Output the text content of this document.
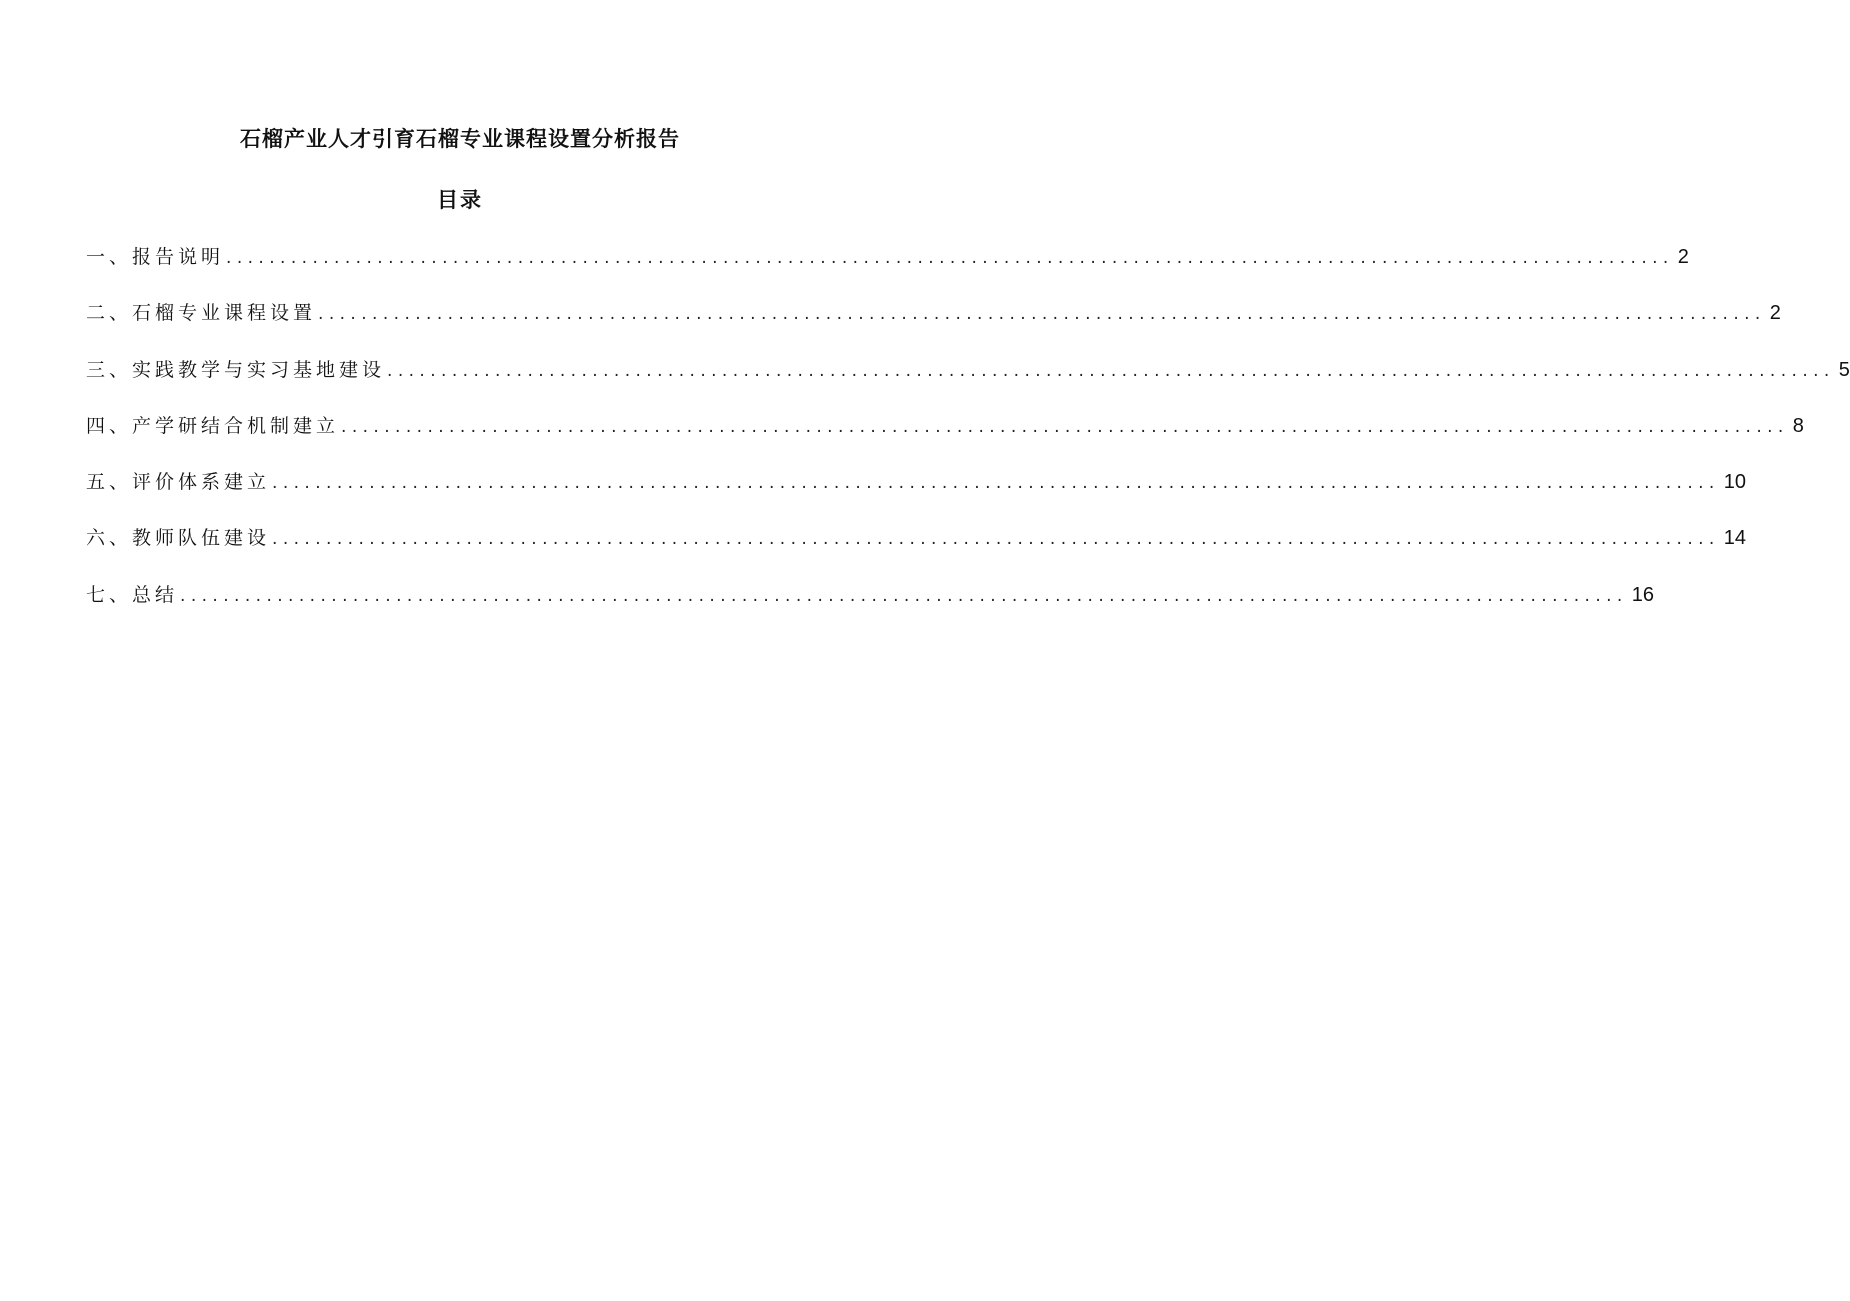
石榴产业人才引育石榴专业课程设置分析报告
目录
一、报告说明 ...................................................................................................................................... 2
二、石榴专业课程设置 ...................................................................................................................................... 2
三、实践教学与实习基地建设 ...................................................................................................................................... 5
四、产学研结合机制建立 ...................................................................................................................................... 8
五、评价体系建立 ...................................................................................................................................... 10
六、教师队伍建设 ...................................................................................................................................... 14
七、总结 ...................................................................................................................................... 16
